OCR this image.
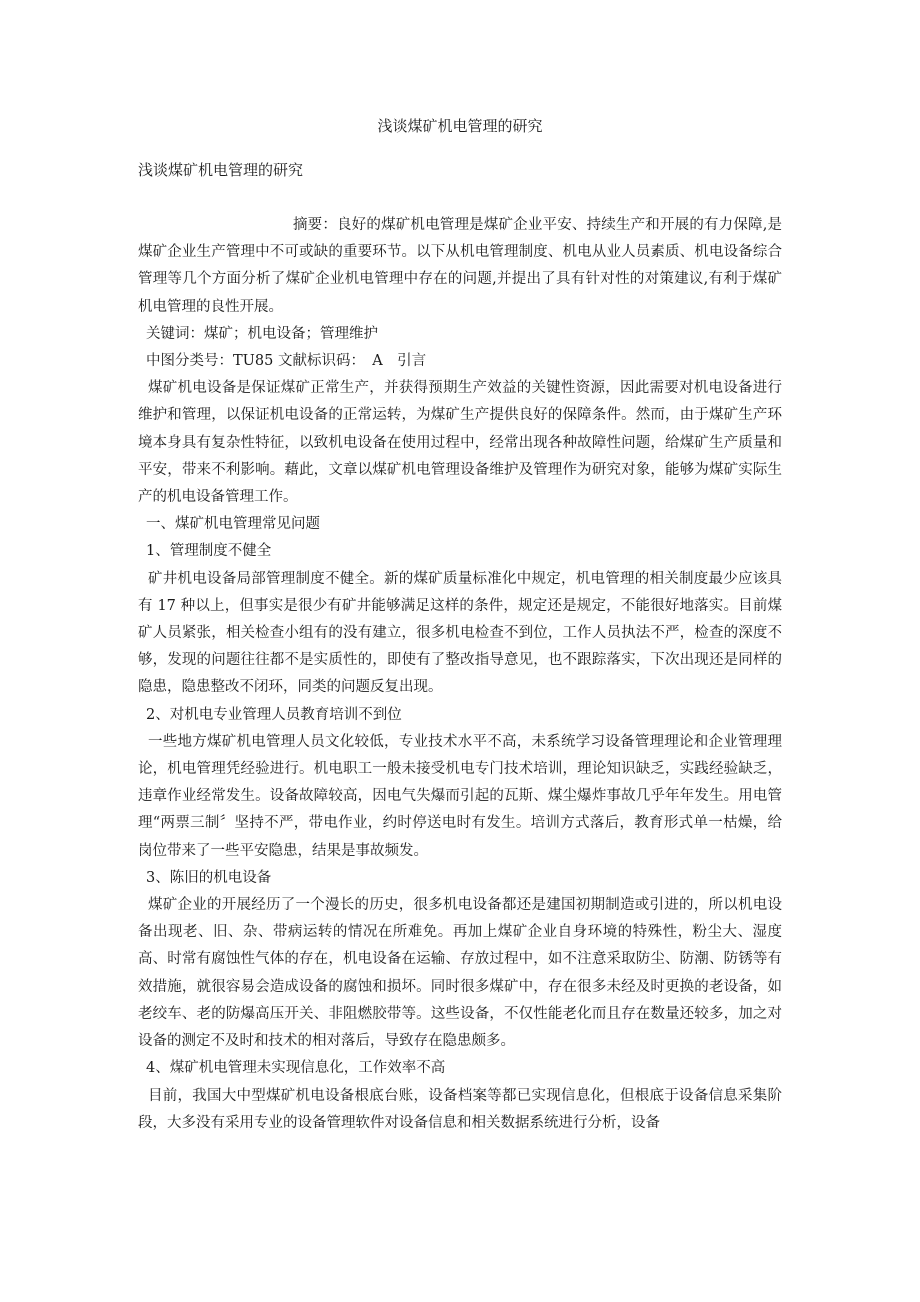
浅谈煤矿机电管理的研究
浅谈煤矿机电管理的研究

摘要：良好的煤矿机电管理是煤矿企业平安、持续生产和开展的有力保障,是煤矿企业生产管理中不可或缺的重要环节。以下从机电管理制度、机电从业人员素质、机电设备综合管理等几个方面分析了煤矿企业机电管理中存在的问题,并提出了具有针对性的对策建议,有利于煤矿机电管理的良性开展。

关键词：煤矿；机电设备；管理维护

中图分类号：TU85 文献标识码：　A　引言

煤矿机电设备是保证煤矿正常生产，并获得预期生产效益的关键性资源，因此需要对机电设备进行维护和管理，以保证机电设备的正常运转，为煤矿生产提供良好的保障条件。然而，由于煤矿生产环境本身具有复杂性特征，以致机电设备在使用过程中，经常出现各种故障性问题，给煤矿生产质量和平安，带来不利影响。藉此，文章以煤矿机电管理设备维护及管理作为研究对象，能够为煤矿实际生产的机电设备管理工作。

一、煤矿机电管理常见问题

1、管理制度不健全

矿井机电设备局部管理制度不健全。新的煤矿质量标准化中规定，机电管理的相关制度最少应该具有 17 种以上，但事实是很少有矿井能够满足这样的条件，规定还是规定，不能很好地落实。目前煤矿人员紧张，相关检查小组有的没有建立，很多机电检查不到位，工作人员执法不严，检查的深度不够，发现的问题往往都不是实质性的，即使有了整改指导意见，也不跟踪落实，下次出现还是同样的隐患，隐患整改不闭环，同类的问题反复出现。

2、对机电专业管理人员教育培训不到位

一些地方煤矿机电管理人员文化较低，专业技术水平不高，未系统学习设备管理理论和企业管理理论，机电管理凭经验进行。机电职工一般未接受机电专门技术培训，理论知识缺乏，实践经验缺乏，违章作业经常发生。设备故障较高，因电气失爆而引起的瓦斯、煤尘爆炸事故几乎年年发生。用电管理“两票三制〞坚持不严，带电作业，约时停送电时有发生。培训方式落后，教育形式单一枯燥，给岗位带来了一些平安隐患，结果是事故频发。

3、陈旧的机电设备

煤矿企业的开展经历了一个漫长的历史，很多机电设备都还是建国初期制造或引进的，所以机电设备出现老、旧、杂、带病运转的情况在所难免。再加上煤矿企业自身环境的特殊性，粉尘大、湿度高、时常有腐蚀性气体的存在，机电设备在运输、存放过程中，如不注意采取防尘、防潮、防锈等有效措施，就很容易会造成设备的腐蚀和损坏。同时很多煤矿中，存在很多未经及时更换的老设备，如老绞车、老的防爆高压开关、非阻燃胶带等。这些设备，不仅性能老化而且存在数量还较多，加之对设备的测定不及时和技术的相对落后，导致存在隐患颇多。

4、煤矿机电管理未实现信息化，工作效率不高

目前，我国大中型煤矿机电设备根底台账，设备档案等都已实现信息化，但根底于设备信息采集阶段，大多没有采用专业的设备管理软件对设备信息和相关数据系统进行分析，设备
